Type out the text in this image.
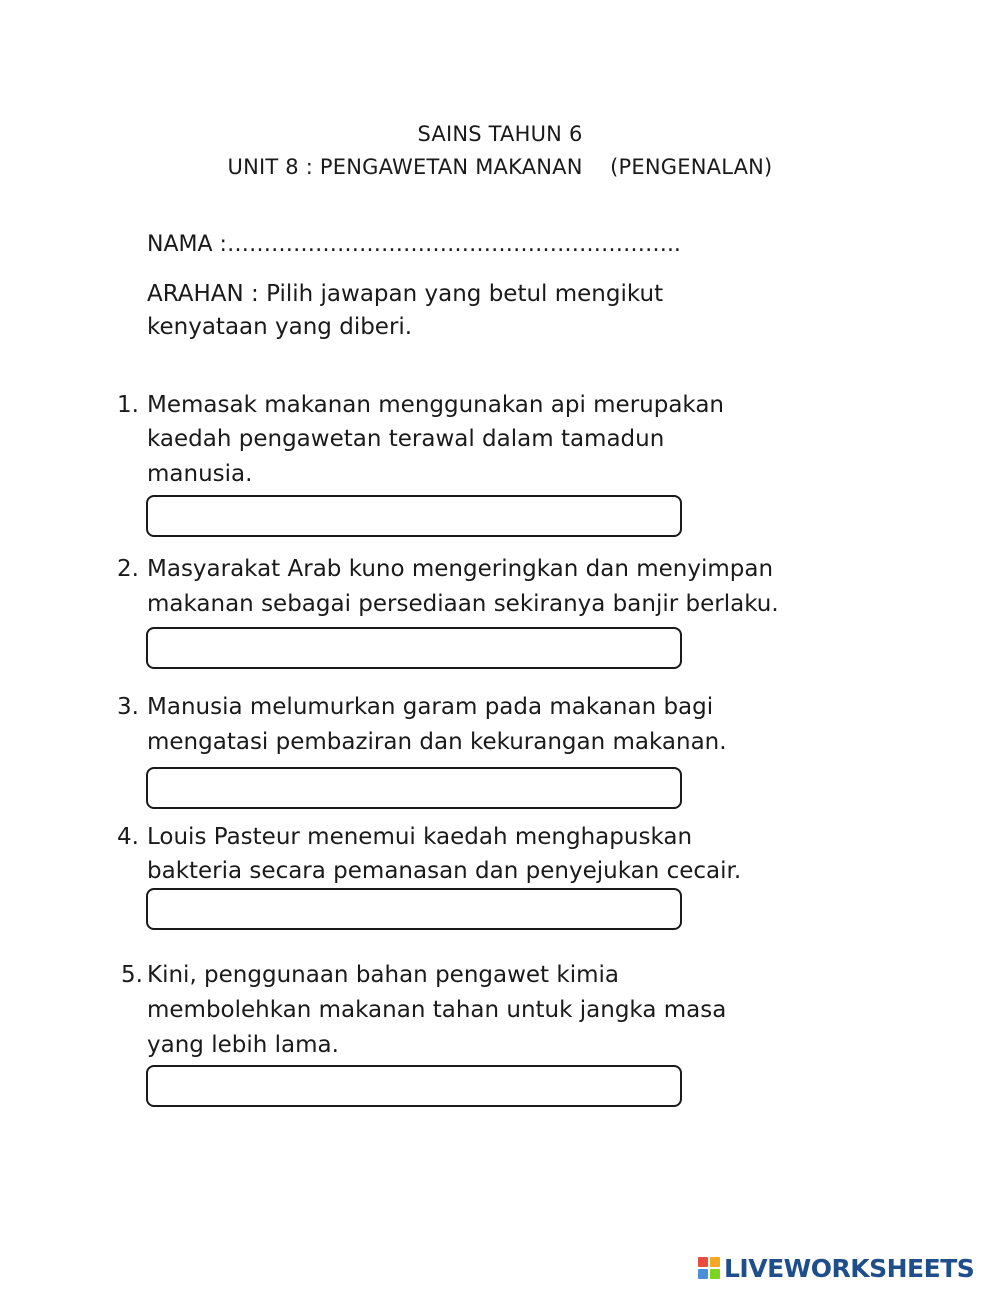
SAINS TAHUN 6
UNIT 8 : PENGAWETAN MAKANAN    (PENGENALAN)
NAMA :……………………………………………………..
ARAHAN : Pilih jawapan yang betul mengikut
kenyataan yang diberi.
1. Memasak makanan menggunakan api merupakan
kaedah pengawetan terawal dalam tamadun
manusia.
2. Masyarakat Arab kuno mengeringkan dan menyimpan
makanan sebagai persediaan sekiranya banjir berlaku.
3. Manusia melumurkan garam pada makanan bagi
mengatasi pembaziran dan kekurangan makanan.
4. Louis Pasteur menemui kaedah menghapuskan
bakteria secara pemanasan dan penyejukan cecair.
5. Kini, penggunaan bahan pengawet kimia
membolehkan makanan tahan untuk jangka masa
yang lebih lama.
LIVEWORKSHEETS
